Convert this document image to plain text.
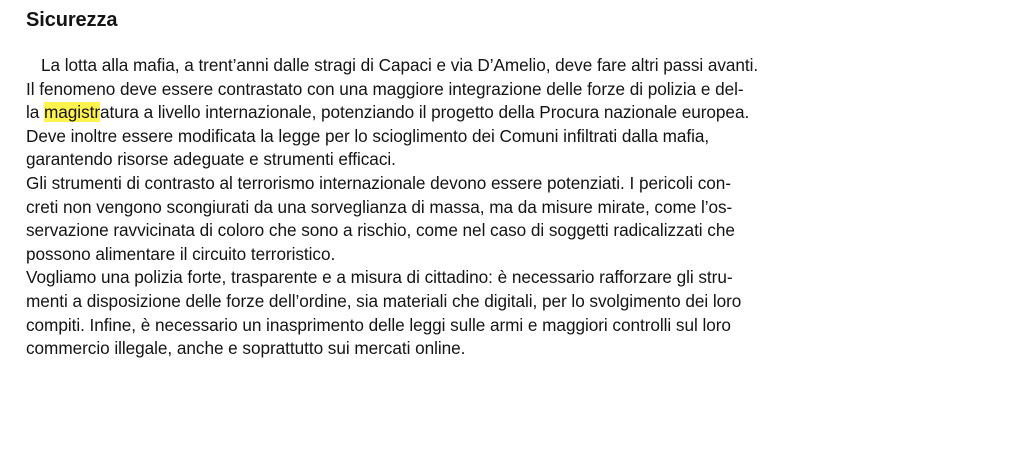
Sicurezza
La lotta alla mafia, a trent’anni dalle stragi di Capaci e via D’Amelio, deve fare altri passi avanti.
Il fenomeno deve essere contrastato con una maggiore integrazione delle forze di polizia e del-
la magistratura a livello internazionale, potenziando il progetto della Procura nazionale europea.
Deve inoltre essere modificata la legge per lo scioglimento dei Comuni infiltrati dalla mafia,
garantendo risorse adeguate e strumenti efficaci.
Gli strumenti di contrasto al terrorismo internazionale devono essere potenziati. I pericoli con-
creti non vengono scongiurati da una sorveglianza di massa, ma da misure mirate, come l’os-
servazione ravvicinata di coloro che sono a rischio, come nel caso di soggetti radicalizzati che
possono alimentare il circuito terroristico.
Vogliamo una polizia forte, trasparente e a misura di cittadino: è necessario rafforzare gli stru-
menti a disposizione delle forze dell’ordine, sia materiali che digitali, per lo svolgimento dei loro
compiti. Infine, è necessario un inasprimento delle leggi sulle armi e maggiori controlli sul loro
commercio illegale, anche e soprattutto sui mercati online.
